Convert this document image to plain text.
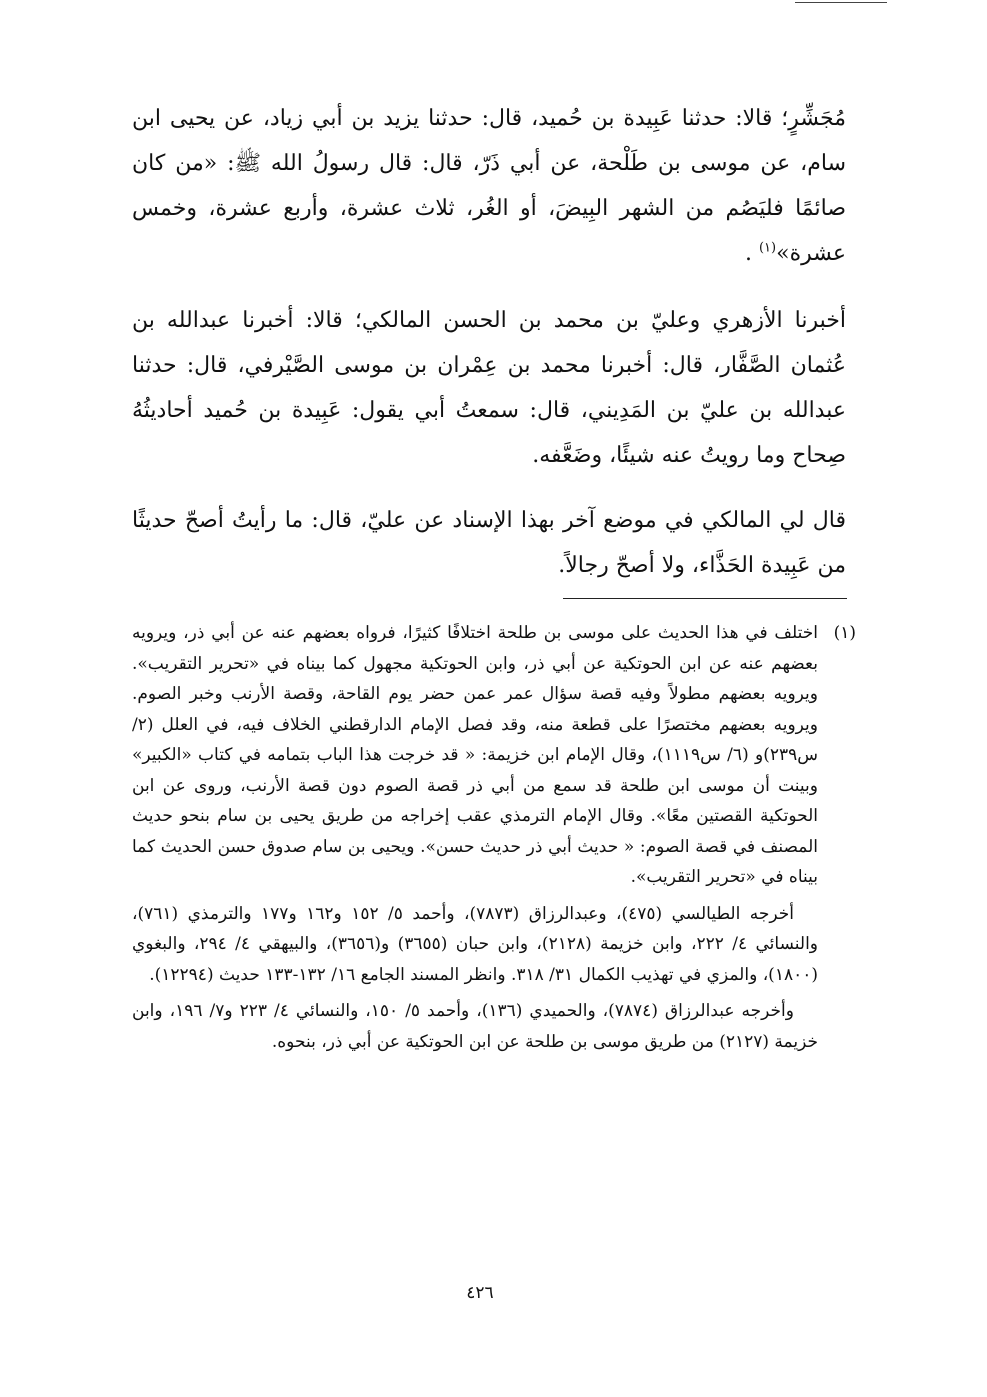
مُجَشِّرٍ؛ قالا: حدثنا عَبِيدة بن حُميد، قال: حدثنا يزيد بن أبي زياد، عن يحيى ابن سام، عن موسى بن طَلْحة، عن أبي ذَرّ، قال: قال رسولُ الله ﷺ: «من كان صائمًا فليَصُم من الشهر البِيضَ، أو الغُر، ثلاث عشرة، وأربع عشرة، وخمس عشرة»$^{(١)}$ .

أخبرنا الأزهري وعليّ بن محمد بن الحسن المالكي؛ قالا: أخبرنا عبدالله بن عُثمان الصَّفَّار، قال: أخبرنا محمد بن عِمْران بن موسى الصَّيْرفي، قال: حدثنا عبدالله بن عليّ بن المَدِيني، قال: سمعتُ أبي يقول: عَبِيدة بن حُميد أحاديثُهُ صِحاح وما رويتُ عنه شيئًا، وضَعَّفه.

قال لي المالكي في موضع آخر بهذا الإسناد عن عليّ، قال: ما رأيتُ أصحّ حديثًا من عَبِيدة الحَذَّاء، ولا أصحّ رجالاً.

(١)

اختلف في هذا الحديث على موسى بن طلحة اختلافًا كثيرًا، فرواه بعضهم عنه عن أبي ذر، ويرويه بعضهم عنه عن ابن الحوتكية عن أبي ذر، وابن الحوتكية مجهول كما بيناه في «تحرير التقريب». ويرويه بعضهم مطولاً وفيه قصة سؤال عمر عمن حضر يوم القاحة، وقصة الأرنب وخبر الصوم. ويرويه بعضهم مختصرًا على قطعة منه، وقد فصل الإمام الدارقطني الخلاف فيه، في العلل (٢/ س٢٣٩)و (٦/ س١١١٩)، وقال الإمام ابن خزيمة: « قد خرجت هذا الباب بتمامه في كتاب «الكبير» وبينت أن موسى ابن طلحة قد سمع من أبي ذر قصة الصوم دون قصة الأرنب، وروى عن ابن الحوتكية القصتين معًا». وقال الإمام الترمذي عقب إخراجه من طريق يحيى بن سام بنحو حديث المصنف في قصة الصوم: « حديث أبي ذر حديث حسن». ويحيى بن سام صدوق حسن الحديث كما بيناه في «تحرير التقريب».

أخرجه الطيالسي (٤٧٥)، وعبدالرزاق (٧٨٧٣)، وأحمد ٥/ ١٥٢ و١٦٢ و١٧٧ والترمذي (٧٦١)، والنسائي ٤/ ٢٢٢، وابن خزيمة (٢١٢٨)، وابن حبان (٣٦٥٥) و(٣٦٥٦)، والبيهقي ٤/ ٢٩٤، والبغوي (١٨٠٠)، والمزي في تهذيب الكمال ٣١/ ٣١٨. وانظر المسند الجامع ١٦/ ١٣٢-١٣٣ حديث (١٢٢٩٤).

وأخرجه عبدالرزاق (٧٨٧٤)، والحميدي (١٣٦)، وأحمد ٥/ ١٥٠، والنسائي ٤/ ٢٢٣ و٧/ ١٩٦، وابن خزيمة (٢١٢٧) من طريق موسى بن طلحة عن ابن الحوتكية عن أبي ذر، بنحوه.

٤٢٦
